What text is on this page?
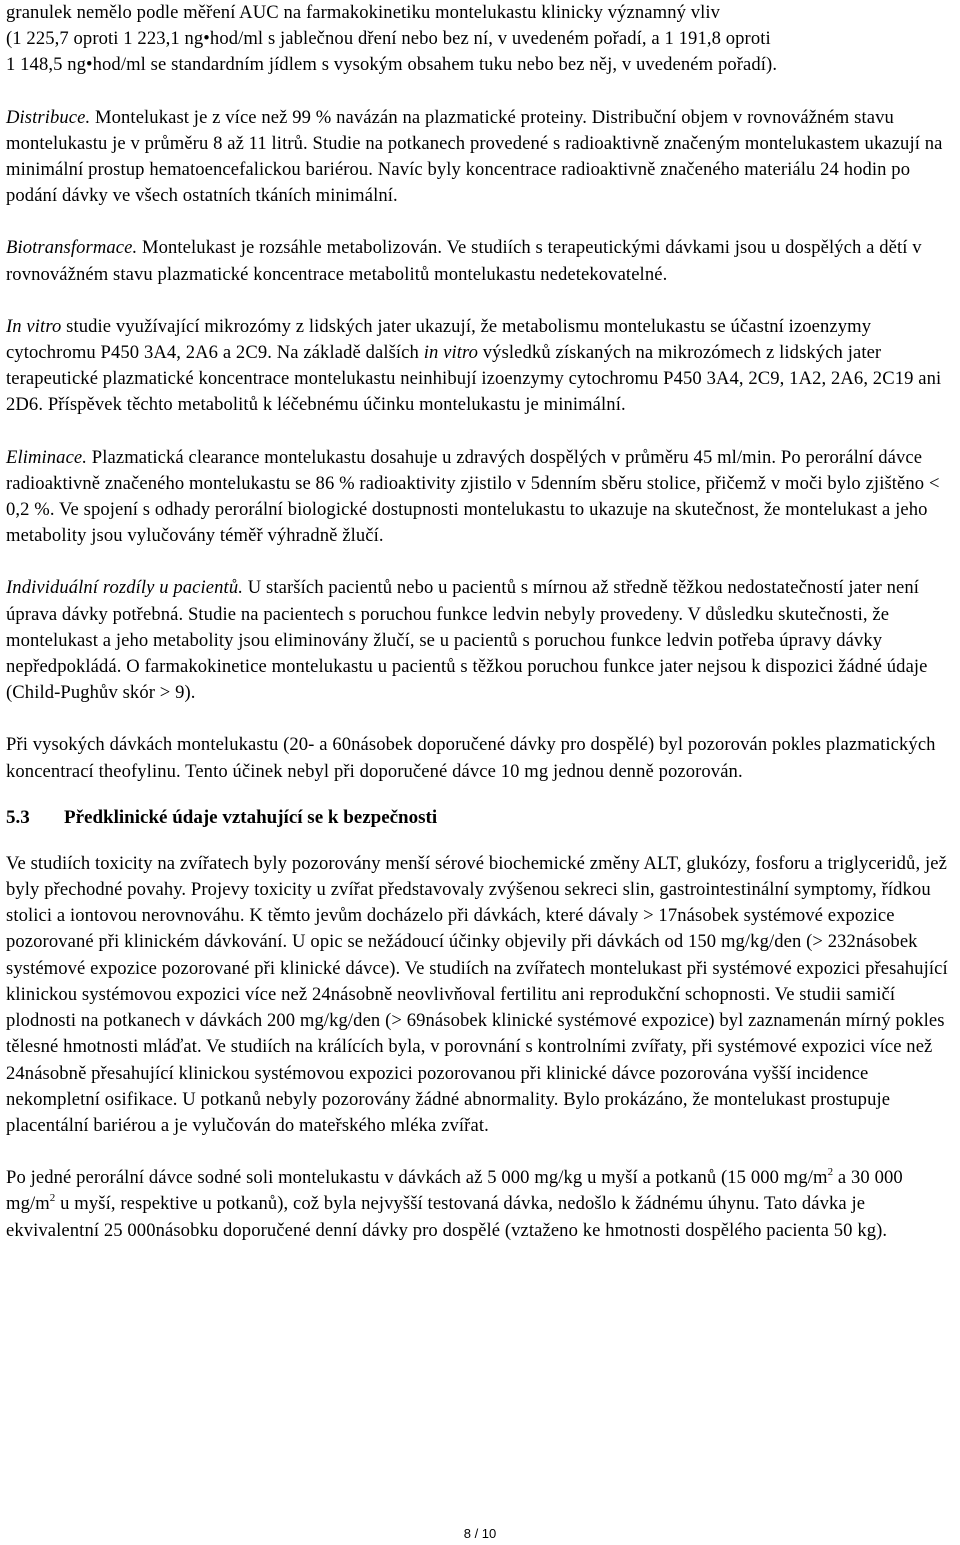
granulek nemělo podle měření AUC na farmakokinetiku montelukastu klinicky významný vliv

(1 225,7 oproti 1 223,1 ng•hod/ml s jablečnou dření nebo bez ní, v uvedeném pořadí, a 1 191,8 oproti

1 148,5 ng•hod/ml se standardním jídlem s vysokým obsahem tuku nebo bez něj, v uvedeném pořadí).

Distribuce. Montelukast je z více než 99 % navázán na plazmatické proteiny. Distribuční objem v rovnovážném stavu montelukastu je v průměru 8 až 11 litrů. Studie na potkanech provedené s radioaktivně značeným montelukastem ukazují na minimální prostup hematoencefalickou bariérou. Navíc byly koncentrace radioaktivně značeného materiálu 24 hodin po podání dávky ve všech ostatních tkáních minimální.

Biotransformace. Montelukast je rozsáhle metabolizován. Ve studiích s terapeutickými dávkami jsou u dospělých a dětí v rovnovážném stavu plazmatické koncentrace metabolitů montelukastu nedetekovatelné.

In vitro studie využívající mikrozómy z lidských jater ukazují, že metabolismu montelukastu se účastní izoenzymy cytochromu P450 3A4, 2A6 a 2C9. Na základě dalších in vitro výsledků získaných na mikrozómech z lidských jater terapeutické plazmatické koncentrace montelukastu neinhibují izoenzymy cytochromu P450 3A4, 2C9, 1A2, 2A6, 2C19 ani 2D6. Příspěvek těchto metabolitů k léčebnému účinku montelukastu je minimální.

Eliminace. Plazmatická clearance montelukastu dosahuje u zdravých dospělých v průměru 45 ml/min. Po perorální dávce radioaktivně značeného montelukastu se 86 % radioaktivity zjistilo v 5denním sběru stolice, přičemž v moči bylo zjištěno < 0,2 %. Ve spojení s odhady perorální biologické dostupnosti montelukastu to ukazuje na skutečnost, že montelukast a jeho metabolity jsou vylučovány téměř výhradně žlučí.

Individuální rozdíly u pacientů. U starších pacientů nebo u pacientů s mírnou až středně těžkou nedostatečností jater není úprava dávky potřebná. Studie na pacientech s poruchou funkce ledvin nebyly provedeny. V důsledku skutečnosti, že montelukast a jeho metabolity jsou eliminovány žlučí, se u pacientů s poruchou funkce ledvin potřeba úpravy dávky nepředpokládá. O farmakokinetice montelukastu u pacientů s těžkou poruchou funkce jater nejsou k dispozici žádné údaje (Child-Pughův skór > 9).

Při vysokých dávkách montelukastu (20- a 60násobek doporučené dávky pro dospělé) byl pozorován pokles plazmatických koncentrací theofylinu. Tento účinek nebyl při doporučené dávce 10 mg jednou denně pozorován.

5.3	Předklinické údaje vztahující se k bezpečnosti

Ve studiích toxicity na zvířatech byly pozorovány menší sérové biochemické změny ALT, glukózy, fosforu a triglyceridů, jež byly přechodné povahy. Projevy toxicity u zvířat představovaly zvýšenou sekreci slin, gastrointestinální symptomy, řídkou stolici a iontovou nerovnováhu. K těmto jevům docházelo při dávkách, které dávaly > 17násobek systémové expozice pozorované při klinickém dávkování. U opic se nežádoucí účinky objevily při dávkách od 150 mg/kg/den (> 232násobek systémové expozice pozorované při klinické dávce). Ve studiích na zvířatech montelukast při systémové expozici přesahující klinickou systémovou expozici více než 24násobně neovlivňoval fertilitu ani reprodukční schopnosti. Ve studii samičí plodnosti na potkanech v dávkách 200 mg/kg/den (> 69násobek klinické systémové expozice) byl zaznamenán mírný pokles tělesné hmotnosti mláďat. Ve studiích na králících byla, v porovnání s kontrolními zvířaty, při systémové expozici více než 24násobně přesahující klinickou systémovou expozici pozorovanou při klinické dávce pozorována vyšší incidence nekompletní osifikace. U potkanů nebyly pozorovány žádné abnormality. Bylo prokázáno, že montelukast prostupuje placentální bariérou a je vylučován do mateřského mléka zvířat.

Po jedné perorální dávce sodné soli montelukastu v dávkách až 5 000 mg/kg u myší a potkanů (15 000 $mg/m^2$ a 30 000 $mg/m^2$ u myší, respektive u potkanů), což byla nejvyšší testovaná dávka, nedošlo k žádnému úhynu. Tato dávka je ekvivalentní 25 000násobku doporučené denní dávky pro dospělé (vztaženo ke hmotnosti dospělého pacienta 50 kg).

8 / 10
